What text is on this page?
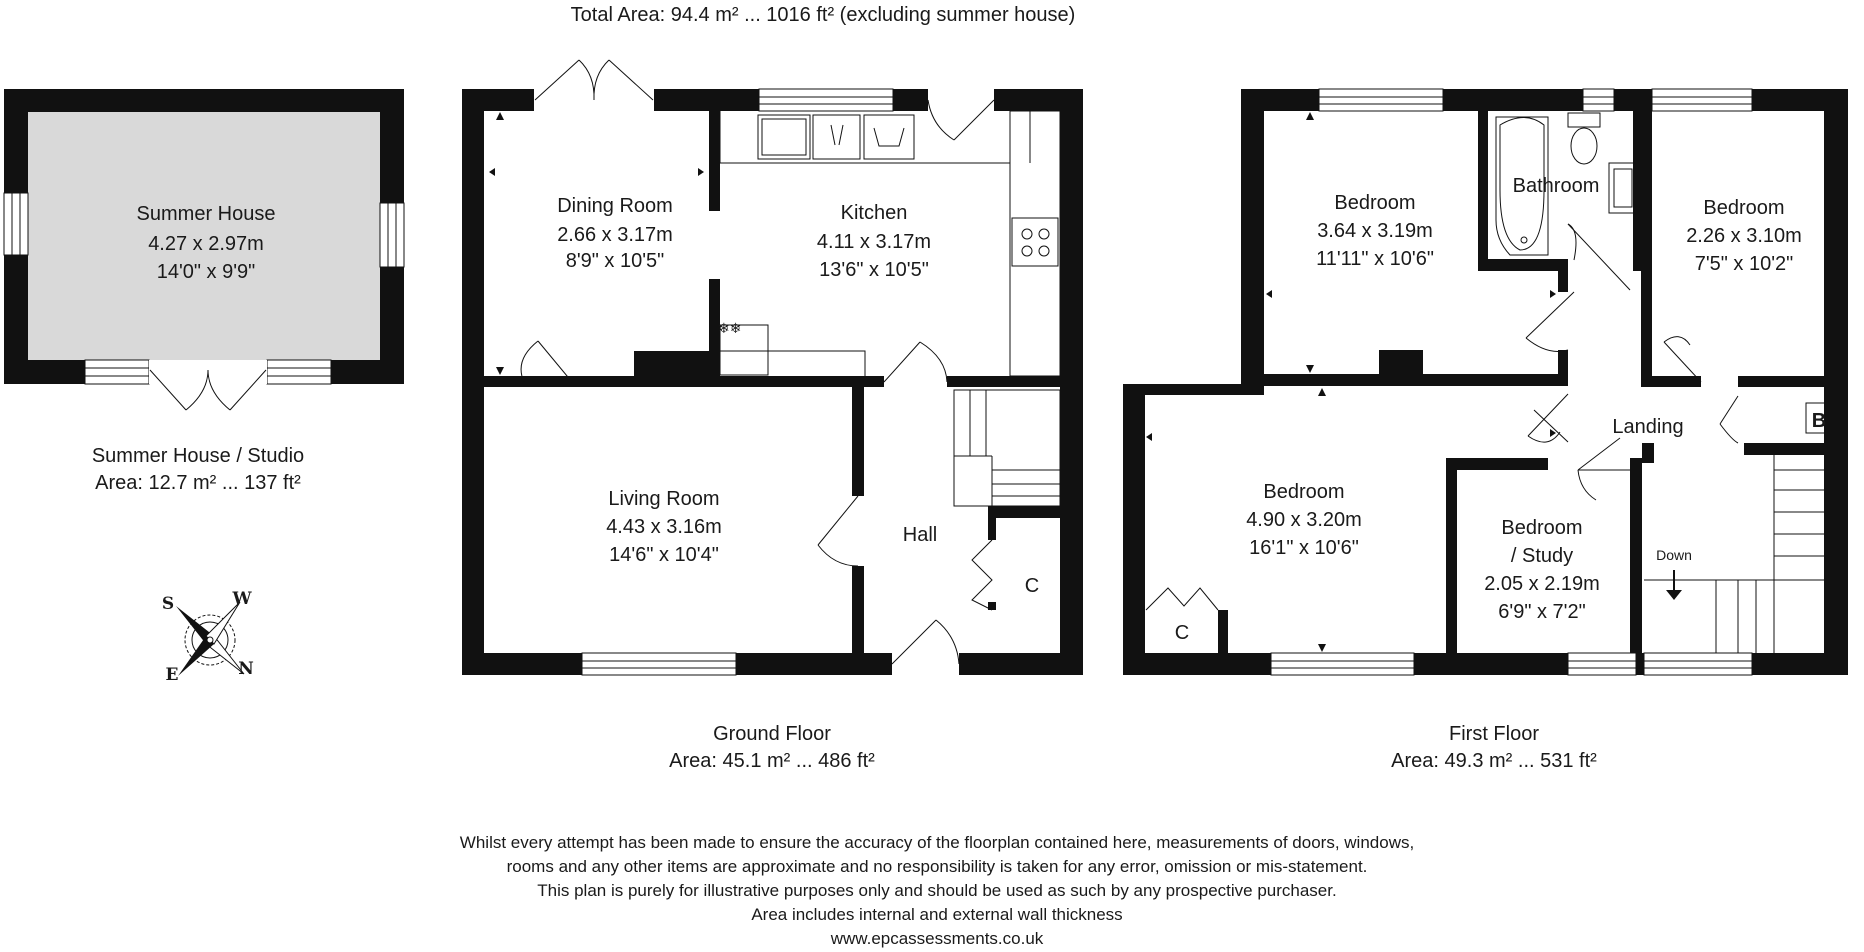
Total Area: 94.4 m² ... 1016 ft² (excluding summer house)
Summer House
4.27 x 2.97m
14'0" x 9'9"
Summer House / Studio
Area: 12.7 m² ... 137 ft²
S	W
E	N
❄❄
Dining Room
2.66 x 3.17m
8'9" x 10'5"
Kitchen
4.11 x 3.17m
13'6" x 10'5"
Living Room
4.43 x 3.16m
14'6" x 10'4"
Hall
C
Ground Floor
Area: 45.1 m² ... 486 ft²
Bedroom
3.64 x 3.19m
11'11" x 10'6"
Bathroom
Bedroom
2.26 x 3.10m
7'5" x 10'2"
Landing	B
Bedroom
4.90 x 3.20m
16'1" x 10'6"
C
Bedroom
/ Study
2.05 x 2.19m
6'9" x 7'2"
Down
First Floor
Area: 49.3 m² ... 531 ft²
Whilst every attempt has been made to ensure the accuracy of the floorplan contained here, measurements of doors, windows,
rooms and any other items are approximate and no responsibility is taken for any error, omission or mis-statement.
This plan is purely for illustrative purposes only and should be used as such by any prospective purchaser.
Area includes internal and external wall thickness
www.epcassessments.co.uk
